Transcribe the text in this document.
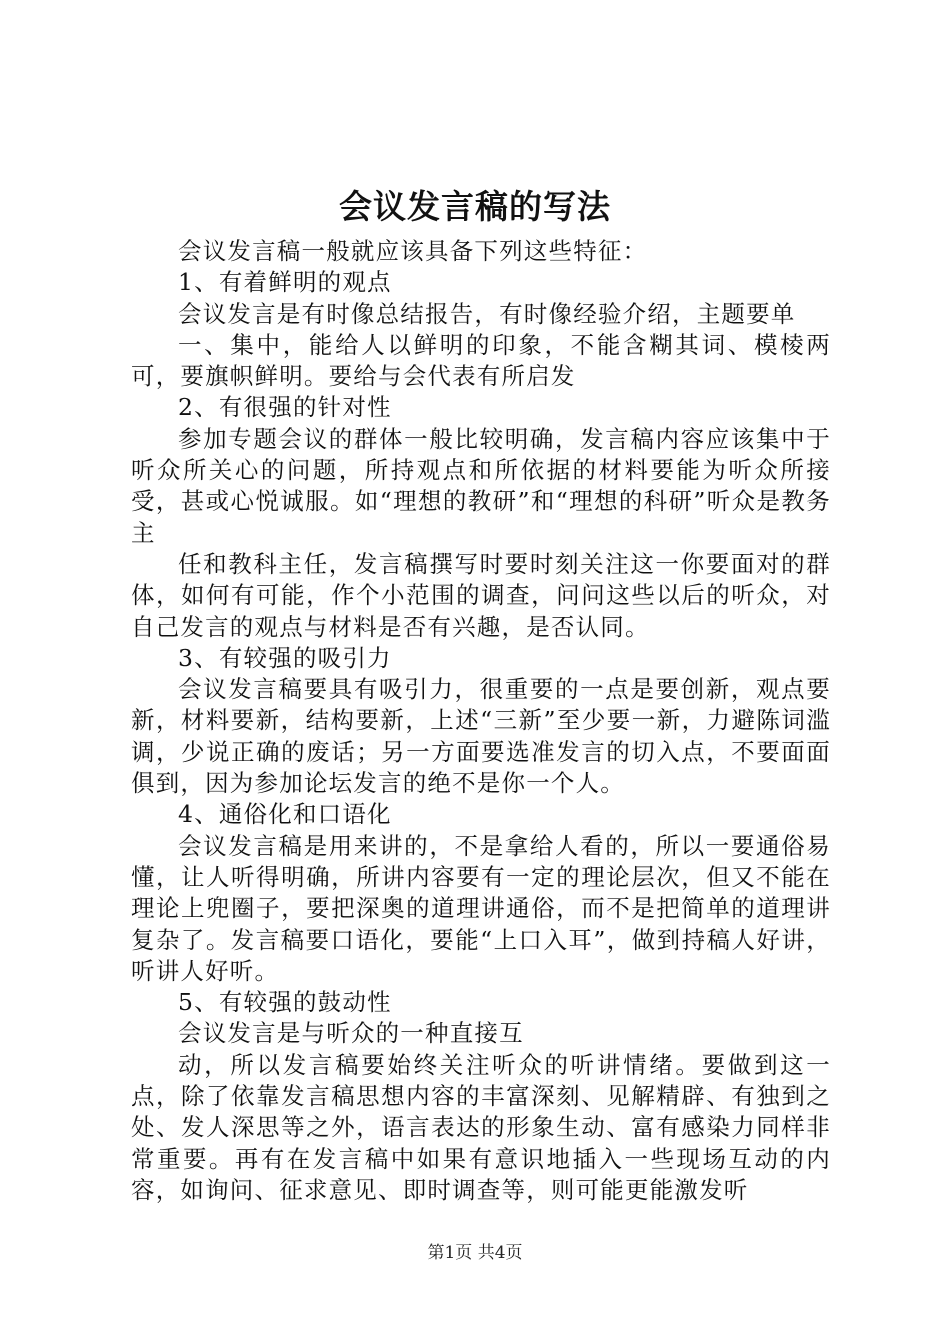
会议发言稿的写法

会议发言稿一般就应该具备下列这些特征：

1、有着鲜明的观点

会议发言是有时像总结报告，有时像经验介绍，主题要单

一、集中，能给人以鲜明的印象，不能含糊其词、模棱两可，要旗帜鲜明。要给与会代表有所启发

2、有很强的针对性

参加专题会议的群体一般比较明确，发言稿内容应该集中于听众所关心的问题，所持观点和所依据的材料要能为听众所接受，甚或心悦诚服。如“理想的教研”和“理想的科研”听众是教务主

任和教科主任，发言稿撰写时要时刻关注这一你要面对的群体，如何有可能，作个小范围的调查，问问这些以后的听众，对自己发言的观点与材料是否有兴趣，是否认同。

3、有较强的吸引力

会议发言稿要具有吸引力，很重要的一点是要创新，观点要新，材料要新，结构要新，上述“三新”至少要一新，力避陈词滥调，少说正确的废话；另一方面要选准发言的切入点，不要面面俱到，因为参加论坛发言的绝不是你一个人。

4、通俗化和口语化

会议发言稿是用来讲的，不是拿给人看的，所以一要通俗易懂，让人听得明确，所讲内容要有一定的理论层次，但又不能在理论上兜圈子，要把深奥的道理讲通俗，而不是把简单的道理讲复杂了。发言稿要口语化，要能“上口入耳”，做到持稿人好讲，听讲人好听。

5、有较强的鼓动性

会议发言是与听众的一种直接互

动，所以发言稿要始终关注听众的听讲情绪。要做到这一点，除了依靠发言稿思想内容的丰富深刻、见解精辟、有独到之处、发人深思等之外，语言表达的形象生动、富有感染力同样非常重要。再有在发言稿中如果有意识地插入一些现场互动的内容，如询问、征求意见、即时调查等，则可能更能激发听

第1页 共4页
